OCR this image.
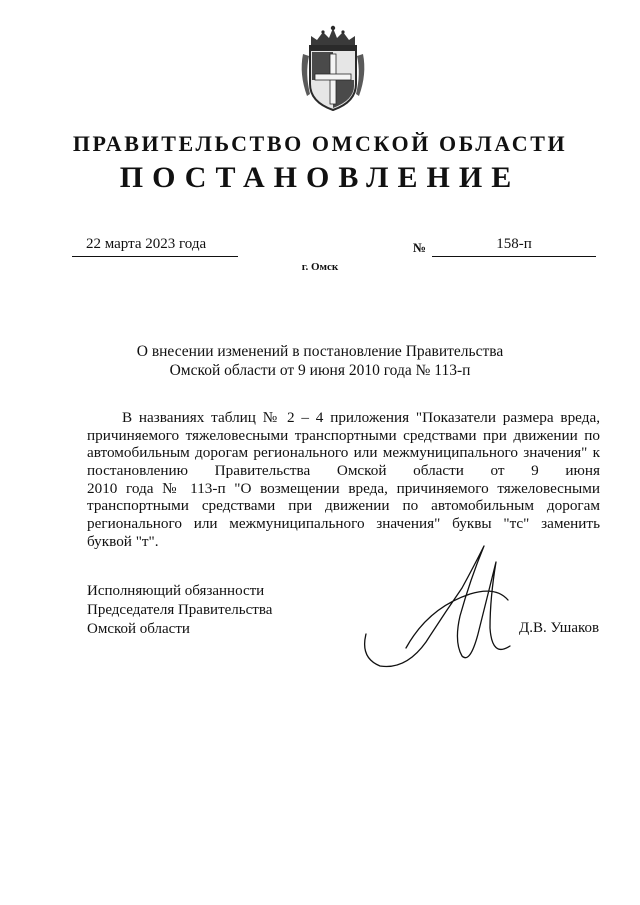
ПРАВИТЕЛЬСТВО ОМСКОЙ ОБЛАСТИ
ПОСТАНОВЛЕНИЕ
22 марта 2023 года	№	158-п
г. Омск
О внесении изменений в постановление Правительства
Омской области от 9 июня 2010 года № 113-п
В названиях таблиц № 2 – 4 приложения "Показатели размера вреда,
причиняемого тяжеловесными транспортными средствами при движении по
автомобильным дорогам регионального или межмуниципального значения" к
постановлению Правительства Омской области от 9 июня
2010 года № 113-п "О возмещении вреда, причиняемого тяжеловесными
транспортными средствами при движении по автомобильным дорогам
регионального или межмуниципального значения" буквы "тс" заменить
буквой "т".
Исполняющий обязанности
Председателя Правительства
Омской области	Д.В. Ушаков
